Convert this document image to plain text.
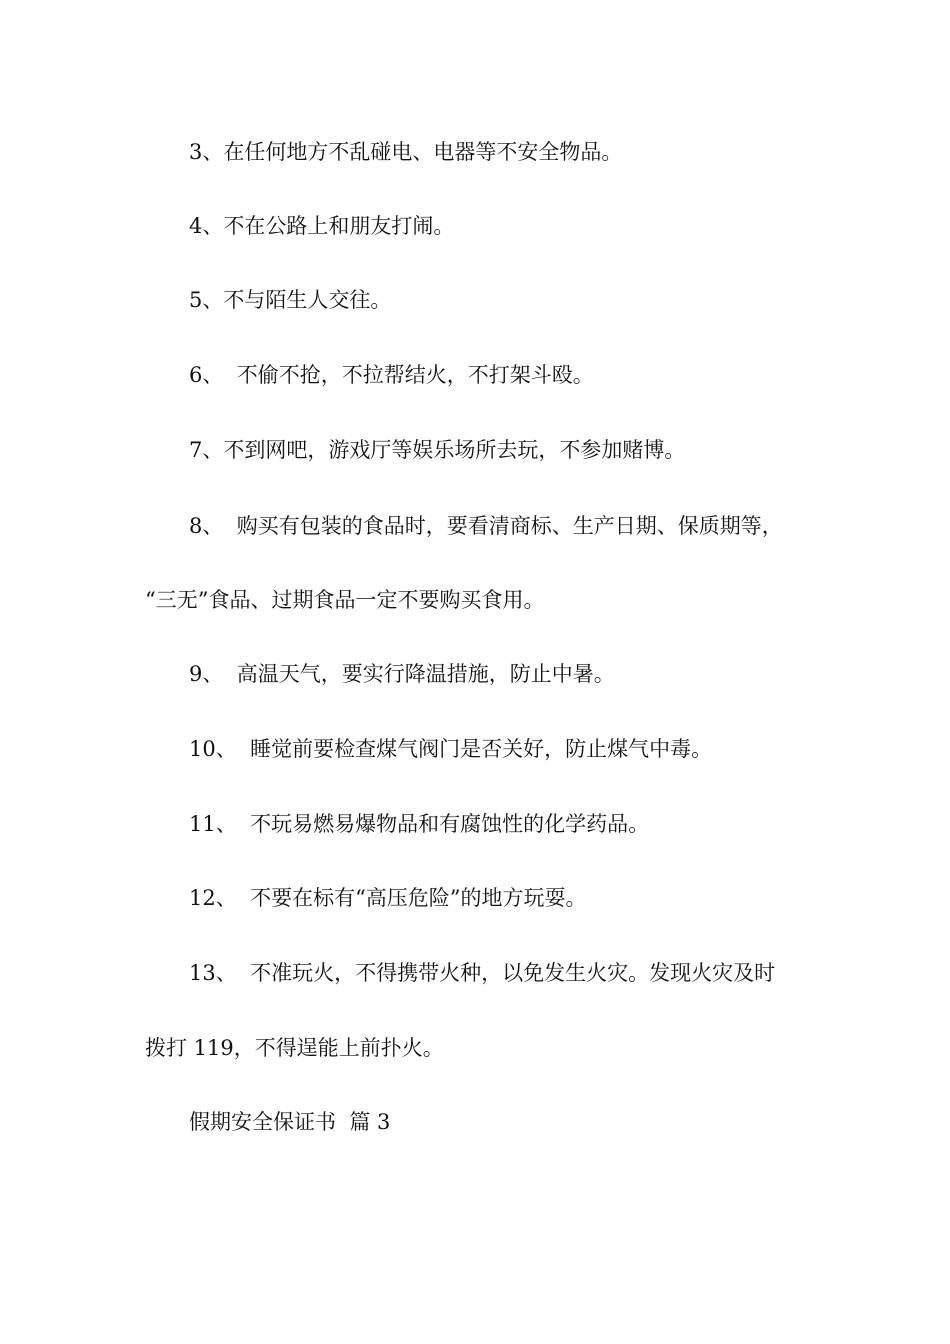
3、在任何地方不乱碰电、电器等不安全物品。
4、不在公路上和朋友打闹。
5、不与陌生人交往。
6、  不偷不抢，不拉帮结火，不打架斗殴。
7、不到网吧，游戏厅等娱乐场所去玩，不参加赌博。
8、  购买有包装的食品时，要看清商标、生产日期、保质期等，
“三无”食品、过期食品一定不要购买食用。
9、  高温天气，要实行降温措施，防止中暑。
10、  睡觉前要检查煤气阀门是否关好，防止煤气中毒。
11、  不玩易燃易爆物品和有腐蚀性的化学药品。
12、  不要在标有“高压危险”的地方玩耍。
13、  不准玩火，不得携带火种，以免发生火灾。发现火灾及时
拨打 119，不得逞能上前扑火。
假期安全保证书  篇 3
